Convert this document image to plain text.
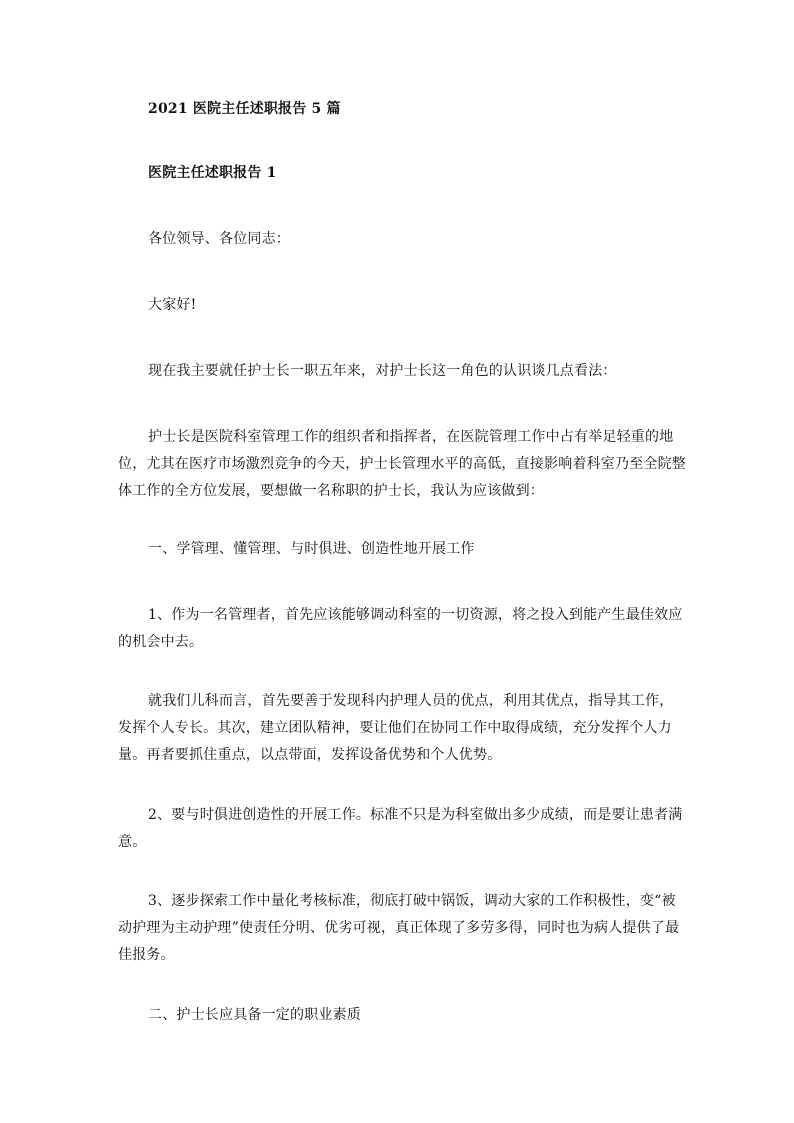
2021 医院主任述职报告 5 篇

医院主任述职报告 1

各位领导、各位同志：

大家好!

现在我主要就任护士长一职五年来，对护士长这一角色的认识谈几点看法：

护士长是医院科室管理工作的组织者和指挥者，在医院管理工作中占有举足轻重的地位，尤其在医疗市场激烈竞争的今天，护士长管理水平的高低，直接影响着科室乃至全院整体工作的全方位发展，要想做一名称职的护士长，我认为应该做到：

一、学管理、懂管理、与时俱进、创造性地开展工作

1、作为一名管理者，首先应该能够调动科室的一切资源，将之投入到能产生最佳效应的机会中去。

就我们儿科而言，首先要善于发现科内护理人员的优点，利用其优点，指导其工作，发挥个人专长。其次，建立团队精神，要让他们在协同工作中取得成绩，充分发挥个人力量。再者要抓住重点，以点带面，发挥设备优势和个人优势。

2、要与时俱进创造性的开展工作。标准不只是为科室做出多少成绩，而是要让患者满意。

3、逐步探索工作中量化考核标准，彻底打破中锅饭，调动大家的工作积极性，变“被动护理为主动护理”使责任分明、优劣可视，真正体现了多劳多得，同时也为病人提供了最佳报务。

二、护士长应具备一定的职业素质
